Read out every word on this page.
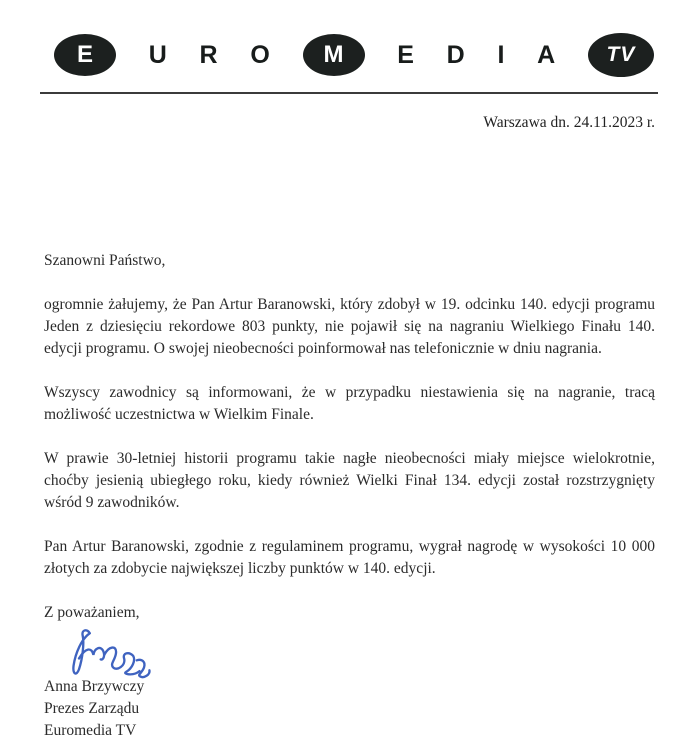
E U R O M E D I A TV
Warszawa dn. 24.11.2023 r.
Szanowni Państwo,
ogromnie żałujemy, że Pan Artur Baranowski, który zdobył w 19. odcinku 140. edycji programu Jeden z dziesięciu rekordowe 803 punkty, nie pojawił się na nagraniu Wielkiego Finału 140. edycji programu. O swojej nieobecności poinformował nas telefonicznie w dniu nagrania.
Wszyscy zawodnicy są informowani, że w przypadku niestawienia się na nagranie, tracą możliwość uczestnictwa w Wielkim Finale.
W prawie 30-letniej historii programu takie nagłe nieobecności miały miejsce wielokrotnie, choćby jesienią ubiegłego roku, kiedy również Wielki Finał 134. edycji został rozstrzygnięty wśród 9 zawodników.
Pan Artur Baranowski, zgodnie z regulaminem programu, wygrał nagrodę w wysokości 10 000 złotych za zdobycie największej liczby punktów w 140. edycji.
Z poważaniem,
Anna Brzywczy
Prezes Zarządu
Euromedia TV
